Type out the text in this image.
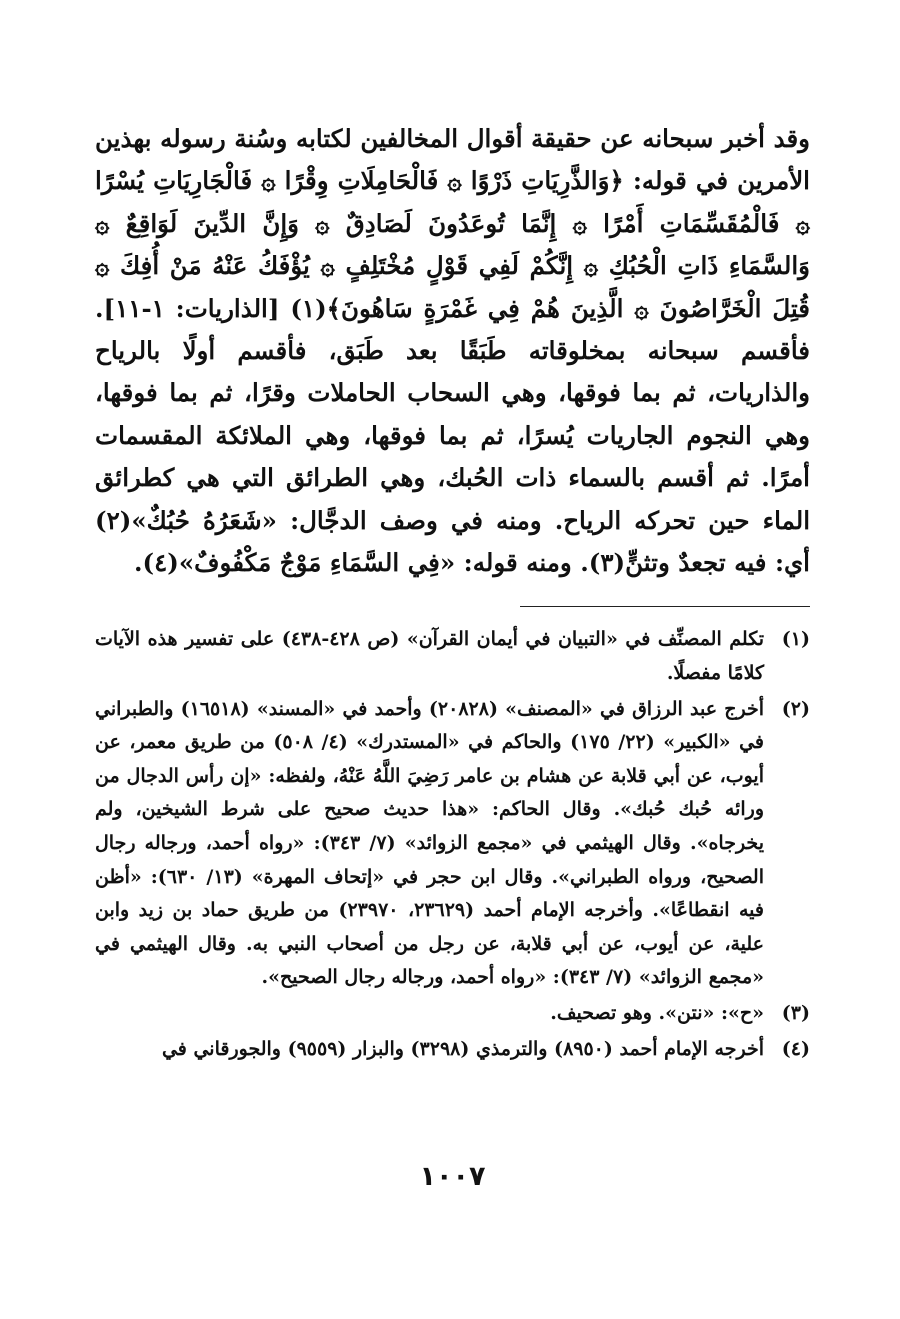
وقد أخبر سبحانه عن حقيقة أقوال المخالفين لكتابه وسُنة رسوله بهذين الأمرين في قوله: ﴿وَالذَّرِيَاتِ ذَرْوًا ۞ فَالْحَامِلَاتِ وِقْرًا ۞ فَالْجَارِيَاتِ يُسْرًا ۞ فَالْمُقَسِّمَاتِ أَمْرًا ۞ إِنَّمَا تُوعَدُونَ لَصَادِقٌ ۞ وَإِنَّ الدِّينَ لَوَاقِعٌ ۞ وَالسَّمَاءِ ذَاتِ الْحُبُكِ ۞ إِنَّكُمْ لَفِي قَوْلٍ مُخْتَلِفٍ ۞ يُؤْفَكُ عَنْهُ مَنْ أُفِكَ ۞ قُتِلَ الْخَرَّاصُونَ ۞ الَّذِينَ هُمْ فِي غَمْرَةٍ سَاهُونَ﴾(١) [الذاريات: ١-١١]. فأقسم سبحانه بمخلوقاته طَبَقًا بعد طَبَق، فأقسم أولًا بالرياح والذاريات، ثم بما فوقها، وهي السحاب الحاملات وقرًا، ثم بما فوقها، وهي النجوم الجاريات يُسرًا، ثم بما فوقها، وهي الملائكة المقسمات أمرًا. ثم أقسم بالسماء ذات الحُبك، وهي الطرائق التي هي كطرائق الماء حين تحركه الرياح. ومنه في وصف الدجَّال: «شَعَرُهُ حُبُكٌ»(٢) أي: فيه تجعدٌ وتثنٍّ(٣). ومنه قوله: «فِي السَّمَاءِ مَوْجٌ مَكْفُوفٌ»(٤).

(١)
تكلم المصنِّف في «التبيان في أيمان القرآن» (ص ٤٢٨-٤٣٨) على تفسير هذه الآيات كلامًا مفصلًا.
(٢)
أخرج عبد الرزاق في «المصنف» (٢٠٨٢٨) وأحمد في «المسند» (١٦٥١٨) والطبراني في «الكبير» (٢٢/ ١٧٥) والحاكم في «المستدرك» (٤/ ٥٠٨) من طريق معمر، عن أيوب، عن أبي قلابة عن هشام بن عامر رَضِيَ اللَّهُ عَنْهُ، ولفظه: «إن رأس الدجال من ورائه حُبك حُبك». وقال الحاكم: «هذا حديث صحيح على شرط الشيخين، ولم يخرجاه». وقال الهيثمي في «مجمع الزوائد» (٧/ ٣٤٣): «رواه أحمد، ورجاله رجال الصحيح، ورواه الطبراني». وقال ابن حجر في «إتحاف المهرة» (١٣/ ٦٣٠): «أظن فيه انقطاعًا». وأخرجه الإمام أحمد (٢٣٦٢٩، ٢٣٩٧٠) من طريق حماد بن زيد وابن علية، عن أيوب، عن أبي قلابة، عن رجل من أصحاب النبي به. وقال الهيثمي في «مجمع الزوائد» (٧/ ٣٤٣): «رواه أحمد، ورجاله رجال الصحيح».
(٣)
«ح»: «نتن». وهو تصحيف.
(٤)
أخرجه الإمام أحمد (٨٩٥٠) والترمذي (٣٢٩٨) والبزار (٩٥٥٩) والجورقاني في
١٠٠٧
